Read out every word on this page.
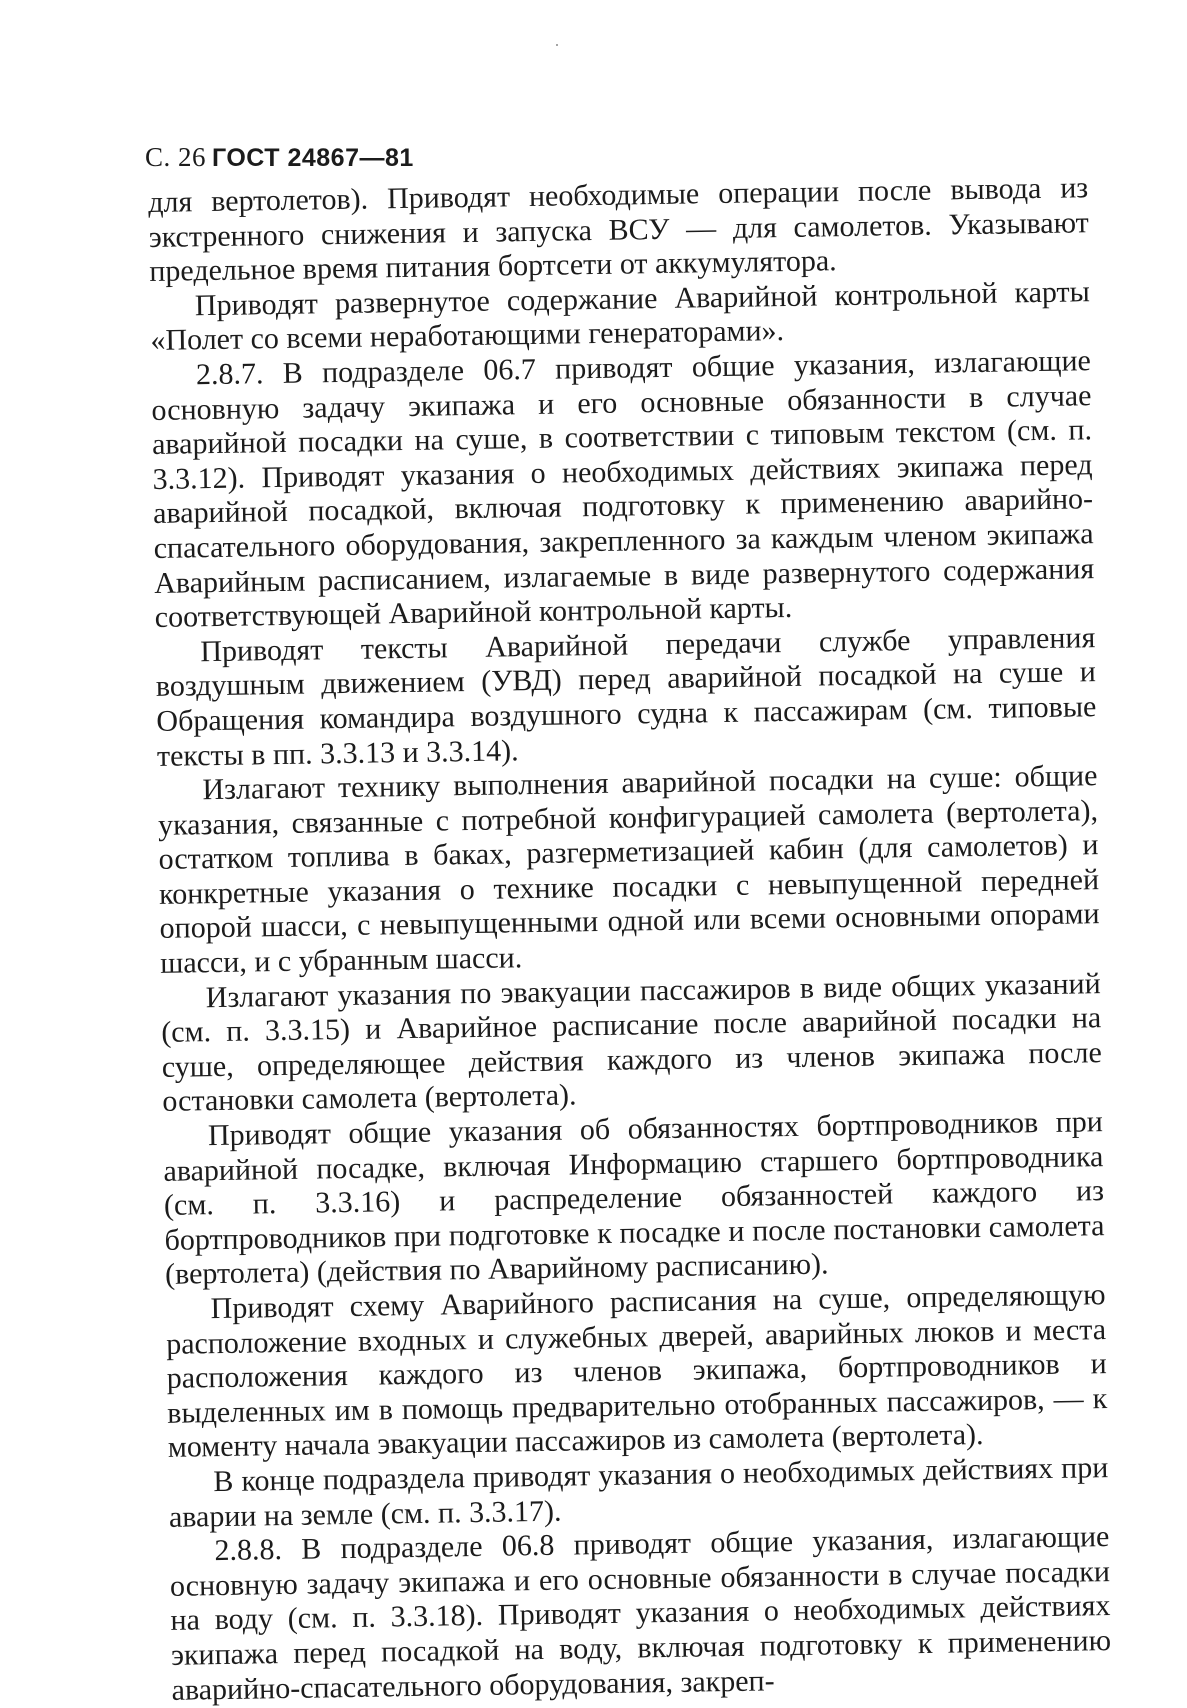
С. 26 ГОСТ 24867—81

для вертолетов). Приводят необходимые операции после вывода из экстренного снижения и запуска ВСУ — для самолетов. Указывают предельное время питания бортсети от аккумулятора.

Приводят развернутое содержание Аварийной контрольной карты «Полет со всеми неработающими генераторами».

2.8.7. В подразделе 06.7 приводят общие указания, излагающие основную задачу экипажа и его основные обязанности в случае аварийной посадки на суше, в соответствии с типовым текстом (см. п. 3.3.12). Приводят указания о необходимых действиях экипажа перед аварийной посадкой, включая подготовку к применению аварийно-спасательного оборудования, закрепленного за каждым членом экипажа Аварийным расписанием, излагаемые в виде развернутого содержания соответствующей Аварийной контрольной карты.

Приводят тексты Аварийной передачи службе управления воздушным движением (УВД) перед аварийной посадкой на суше и Обращения командира воздушного судна к пассажирам (см. типовые тексты в пп. 3.3.13 и 3.3.14).

Излагают технику выполнения аварийной посадки на суше: общие указания, связанные с потребной конфигурацией самолета (вертолета), остатком топлива в баках, разгерметизацией кабин (для самолетов) и конкретные указания о технике посадки с невыпущенной передней опорой шасси, с невыпущенными одной или всеми основными опорами шасси, и с убранным шасси.

Излагают указания по эвакуации пассажиров в виде общих указаний (см. п. 3.3.15) и Аварийное расписание после аварийной посадки на суше, определяющее действия каждого из членов экипажа после остановки самолета (вертолета).

Приводят общие указания об обязанностях бортпроводников при аварийной посадке, включая Информацию старшего бортпроводника (см. п. 3.3.16) и распределение обязанностей каждого из бортпроводников при подготовке к посадке и после постановки самолета (вертолета) (действия по Аварийному расписанию).

Приводят схему Аварийного расписания на суше, определяющую расположение входных и служебных дверей, аварийных люков и места расположения каждого из членов экипажа, бортпроводников и выделенных им в помощь предварительно отобранных пассажиров, — к моменту начала эвакуации пассажиров из самолета (вертолета).

В конце подраздела приводят указания о необходимых действиях при аварии на земле (см. п. 3.3.17).

2.8.8. В подразделе 06.8 приводят общие указания, излагающие основную задачу экипажа и его основные обязанности в случае посадки на воду (см. п. 3.3.18). Приводят указания о необходимых действиях экипажа перед посадкой на воду, включая подготовку к применению аварийно-спасательного оборудования, закреп-
